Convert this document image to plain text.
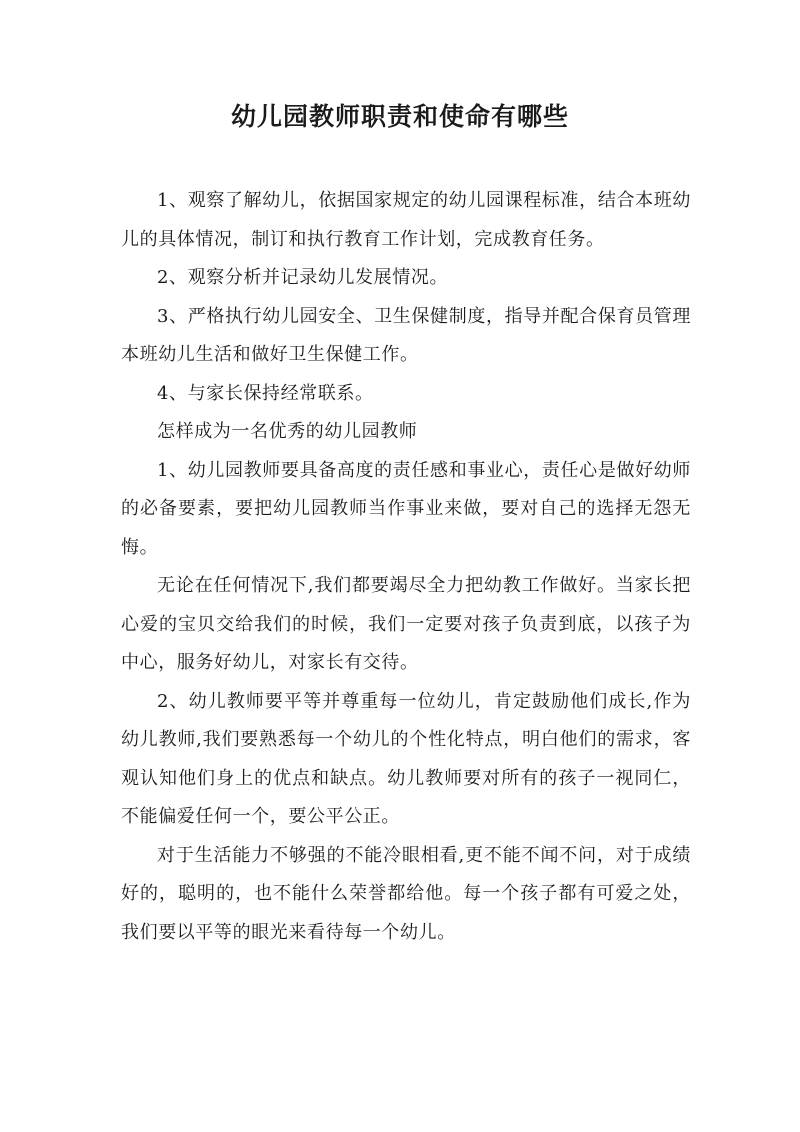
幼儿园教师职责和使命有哪些

1、观察了解幼儿，依据国家规定的幼儿园课程标准，结合本班幼儿的具体情况，制订和执行教育工作计划，完成教育任务。

2、观察分析并记录幼儿发展情况。

3、严格执行幼儿园安全、卫生保健制度，指导并配合保育员管理本班幼儿生活和做好卫生保健工作。

4、与家长保持经常联系。

怎样成为一名优秀的幼儿园教师

1、幼儿园教师要具备高度的责任感和事业心，责任心是做好幼师的必备要素，要把幼儿园教师当作事业来做，要对自己的选择无怨无悔。

无论在任何情况下,我们都要竭尽全力把幼教工作做好。当家长把心爱的宝贝交给我们的时候，我们一定要对孩子负责到底，以孩子为中心，服务好幼儿，对家长有交待。

2、幼儿教师要平等并尊重每一位幼儿，肯定鼓励他们成长,作为幼儿教师,我们要熟悉每一个幼儿的个性化特点，明白他们的需求，客观认知他们身上的优点和缺点。幼儿教师要对所有的孩子一视同仁，不能偏爱任何一个，要公平公正。

对于生活能力不够强的不能冷眼相看,更不能不闻不问，对于成绩好的，聪明的，也不能什么荣誉都给他。每一个孩子都有可爱之处，我们要以平等的眼光来看待每一个幼儿。
